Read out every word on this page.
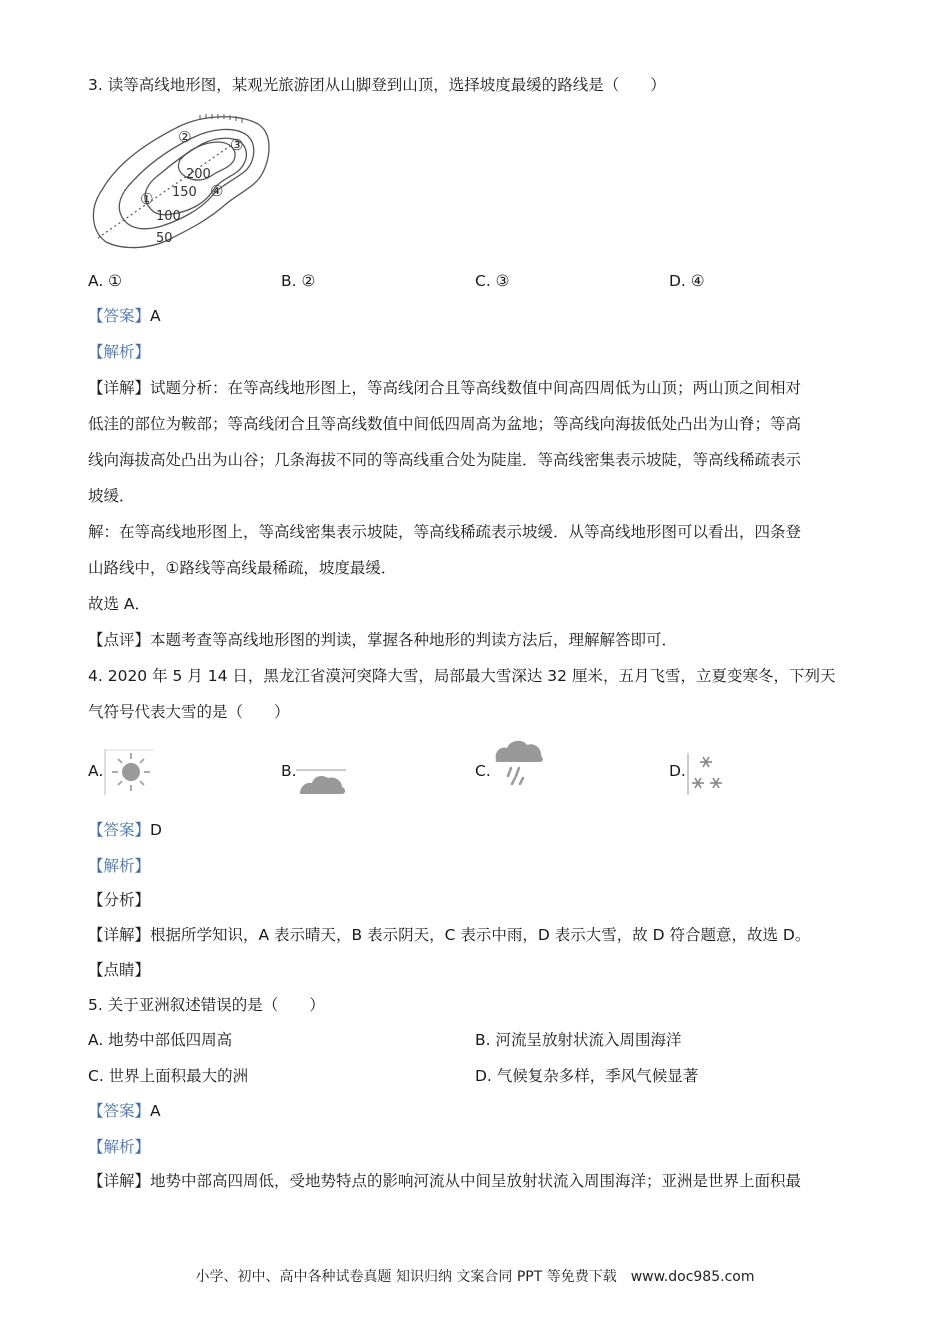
3. 读等高线地形图，某观光旅游团从山脚登到山顶，选择坡度最缓的路线是（　　）
①
②	③
④
200
150
100
50
A. ①	B. ②	C. ③	D. ④
【答案】A
【解析】
【详解】试题分析：在等高线地形图上，等高线闭合且等高线数值中间高四周低为山顶；两山顶之间相对
低洼的部位为鞍部；等高线闭合且等高线数值中间低四周高为盆地；等高线向海拔低处凸出为山脊；等高
线向海拔高处凸出为山谷；几条海拔不同的等高线重合处为陡崖．等高线密集表示坡陡，等高线稀疏表示
坡缓．
解：在等高线地形图上，等高线密集表示坡陡，等高线稀疏表示坡缓．从等高线地形图可以看出，四条登
山路线中，①路线等高线最稀疏，坡度最缓．
故选 A．
【点评】本题考查等高线地形图的判读，掌握各种地形的判读方法后，理解解答即可．
4. 2020 年 5 月 14 日，黑龙江省漠河突降大雪，局部最大雪深达 32 厘米，五月飞雪，立夏变寒冬，下列天
气符号代表大雪的是（　　）
A.	B.	C.	D.
【答案】D
【解析】
【分析】
【详解】根据所学知识，A 表示晴天，B 表示阴天，C 表示中雨，D 表示大雪，故 D 符合题意，故选 D。
【点睛】
5. 关于亚洲叙述错误的是（　　）
A. 地势中部低四周高	B. 河流呈放射状流入周围海洋
C. 世界上面积最大的洲	D. 气候复杂多样，季风气候显著
【答案】A
【解析】
【详解】地势中部高四周低，受地势特点的影响河流从中间呈放射状流入周围海洋；亚洲是世界上面积最
小学、初中、高中各种试卷真题 知识归纳 文案合同 PPT 等免费下载　www.doc985.com
